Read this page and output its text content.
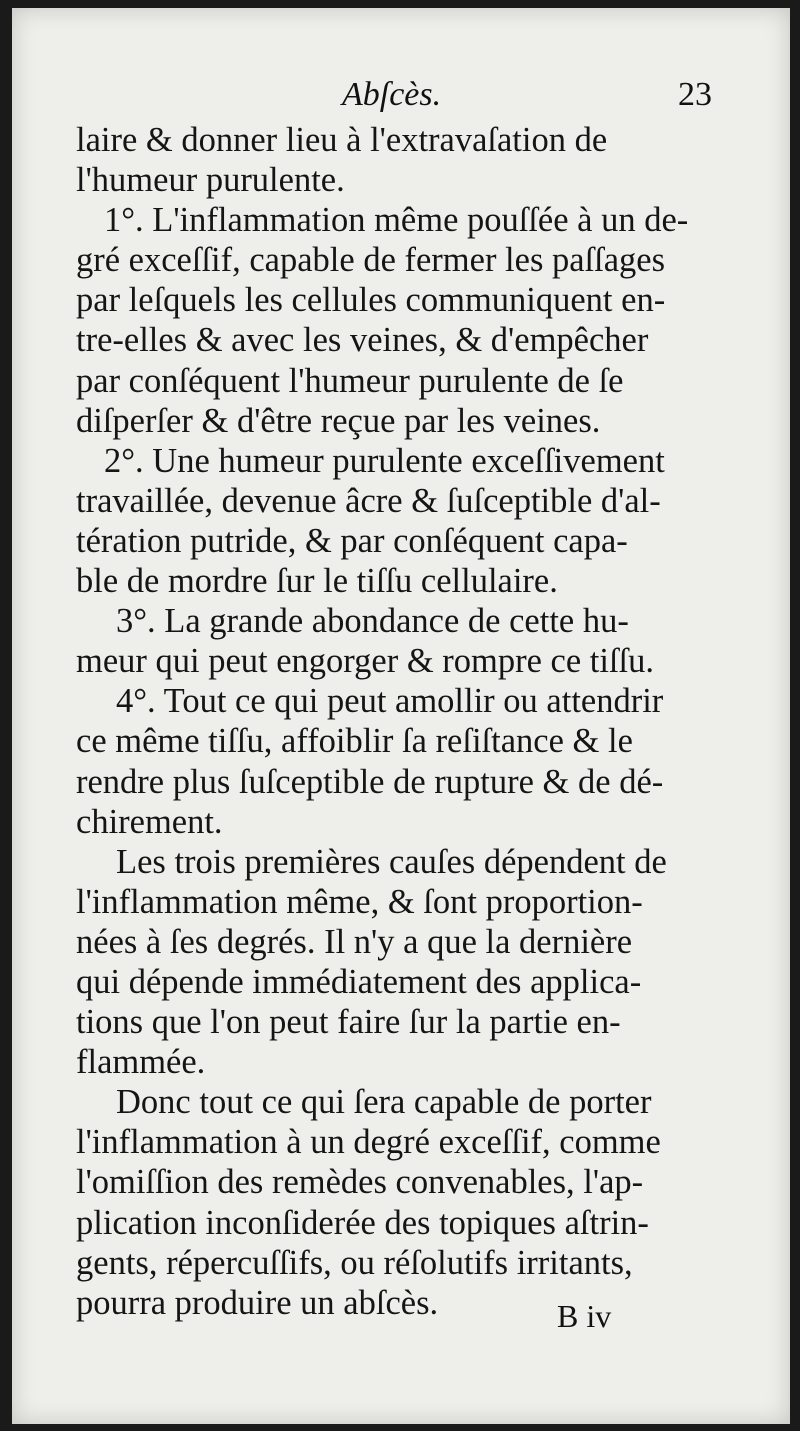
Abſcès.	23
laire & donner lieu à l'extravaſation de
l'humeur purulente.
1°. L'inflammation même pouſſée à un de-
gré exceſſif, capable de fermer les paſſages
par leſquels les cellules communiquent en-
tre-elles & avec les veines, & d'empêcher
par conſéquent l'humeur purulente de ſe
diſperſer & d'être reçue par les veines.
2°. Une humeur purulente exceſſivement
travaillée, devenue âcre & ſuſceptible d'al-
tération putride, & par conſéquent capa-
ble de mordre ſur le tiſſu cellulaire.
3°. La grande abondance de cette hu-
meur qui peut engorger & rompre ce tiſſu.
4°. Tout ce qui peut amollir ou attendrir
ce même tiſſu, affoiblir ſa reſiſtance & le
rendre plus ſuſceptible de rupture & de dé-
chirement.
Les trois premières cauſes dépendent de
l'inflammation même, & ſont proportion-
nées à ſes degrés. Il n'y a que la dernière
qui dépende immédiatement des applica-
tions que l'on peut faire ſur la partie en-
flammée.
Donc tout ce qui ſera capable de porter
l'inflammation à un degré exceſſif, comme
l'omiſſion des remèdes convenables, l'ap-
plication inconſiderée des topiques aſtrin-
gents, répercuſſifs, ou réſolutifs irritants,
pourra produire un abſcès.	B iv
